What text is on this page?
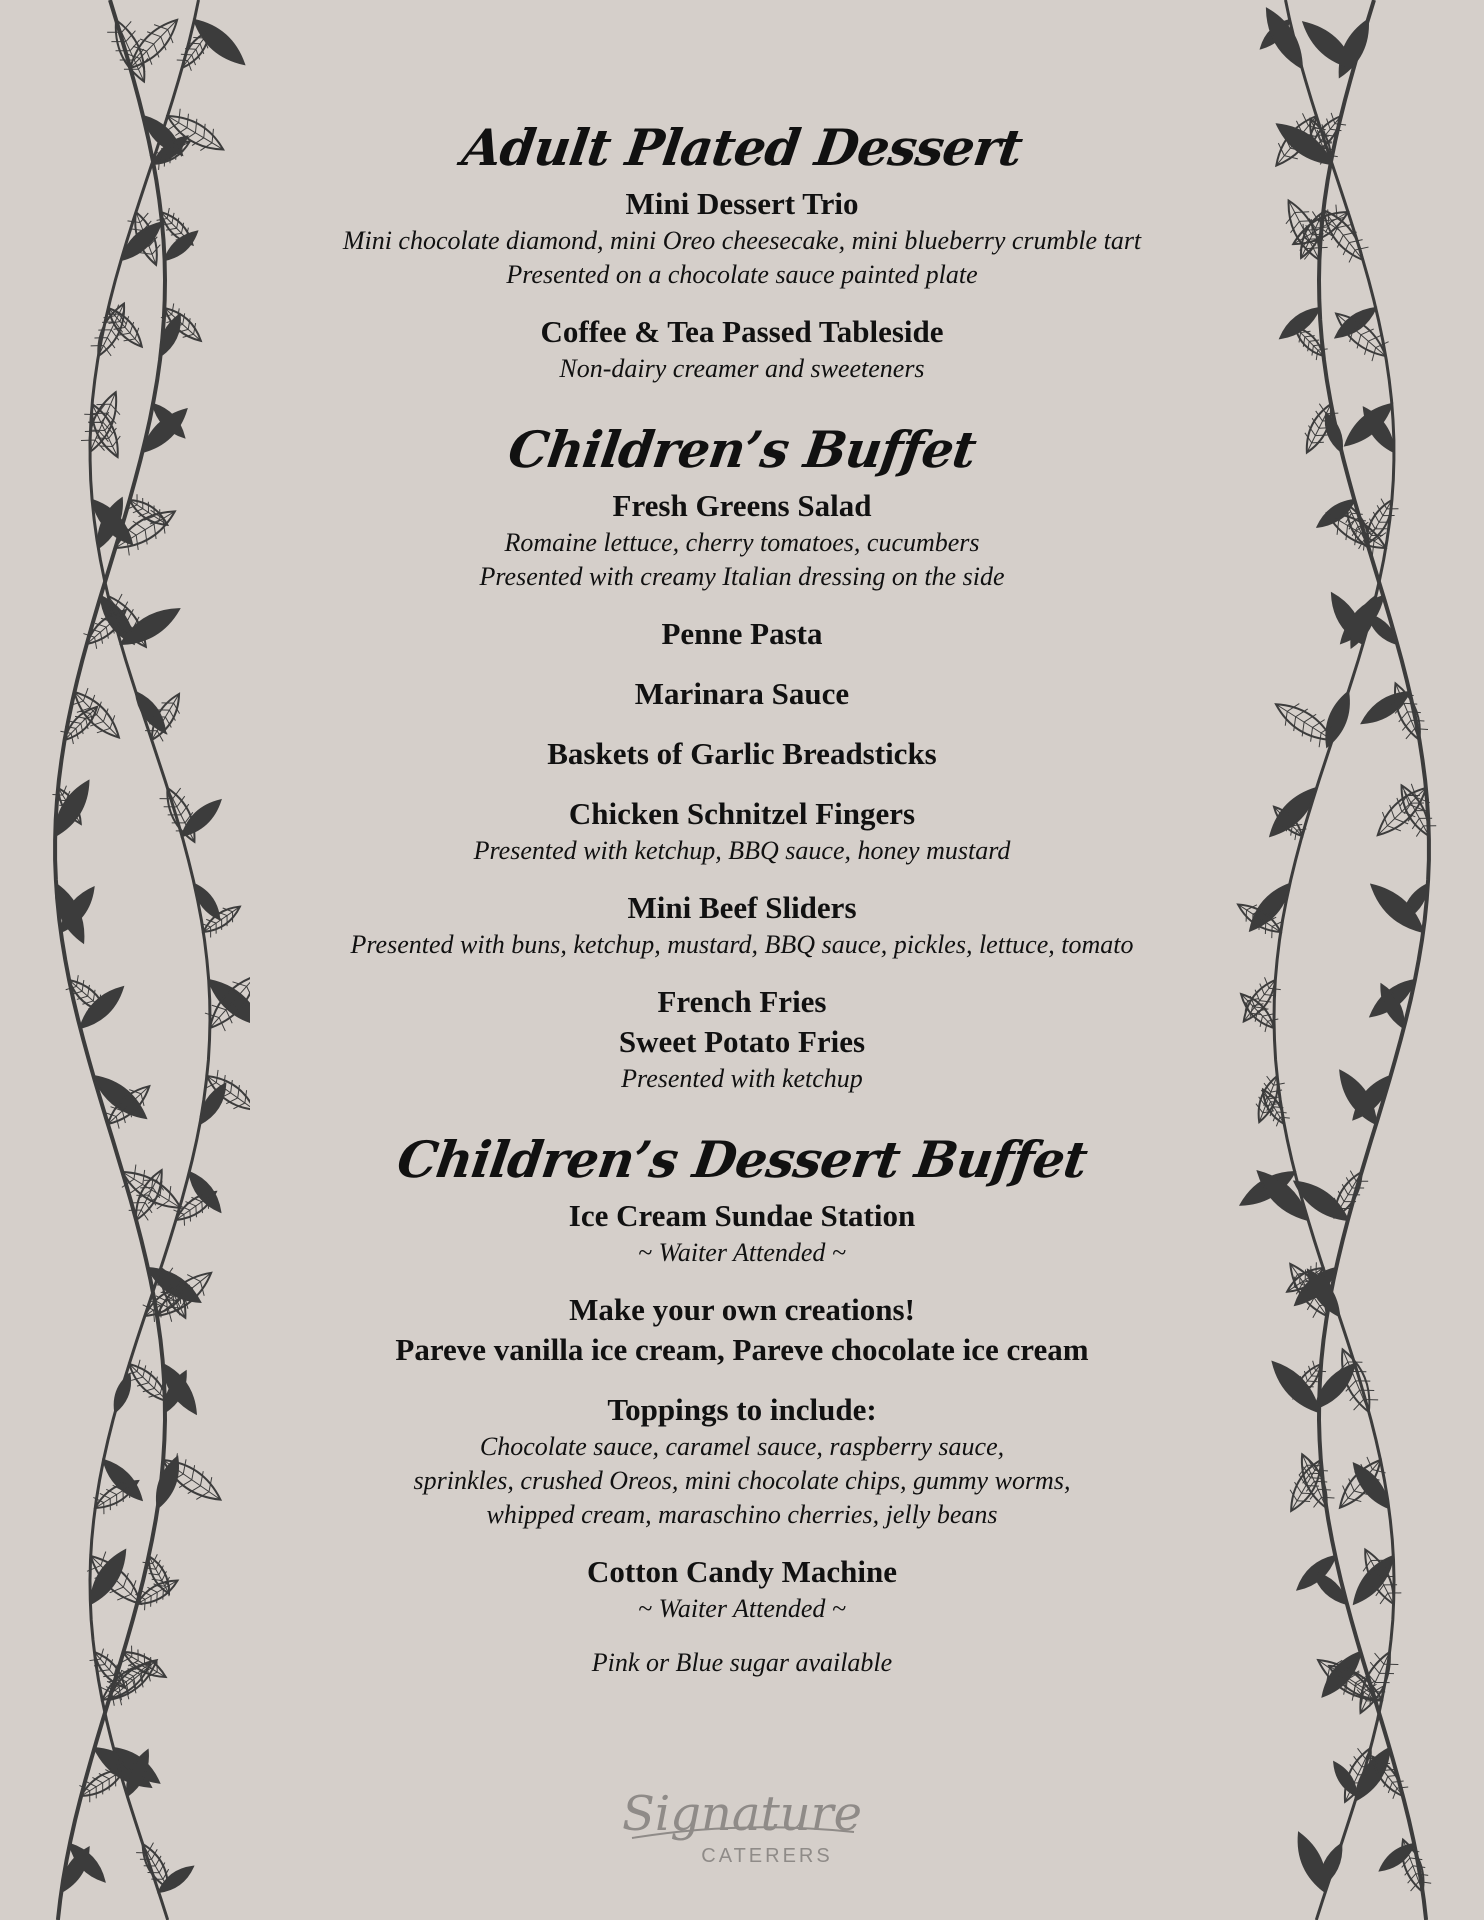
Adult Plated Dessert
Mini Dessert Trio
Mini chocolate diamond, mini Oreo cheesecake, mini blueberry crumble tart
Presented on a chocolate sauce painted plate
Coffee & Tea Passed Tableside
Non-dairy creamer and sweeteners
Children’s Buffet
Fresh Greens Salad
Romaine lettuce, cherry tomatoes, cucumbers
Presented with creamy Italian dressing on the side
Penne Pasta
Marinara Sauce
Baskets of Garlic Breadsticks
Chicken Schnitzel Fingers
Presented with ketchup, BBQ sauce, honey mustard
Mini Beef Sliders
Presented with buns, ketchup, mustard, BBQ sauce, pickles, lettuce, tomato
French Fries
Sweet Potato Fries
Presented with ketchup
Children’s Dessert Buffet
Ice Cream Sundae Station
~ Waiter Attended ~
Make your own creations!
Pareve vanilla ice cream, Pareve chocolate ice cream
Toppings to include:
Chocolate sauce, caramel sauce, raspberry sauce,
sprinkles, crushed Oreos, mini chocolate chips, gummy worms,
whipped cream, maraschino cherries, jelly beans
Cotton Candy Machine
~ Waiter Attended ~
Pink or Blue sugar available
Signature
CATERERS
